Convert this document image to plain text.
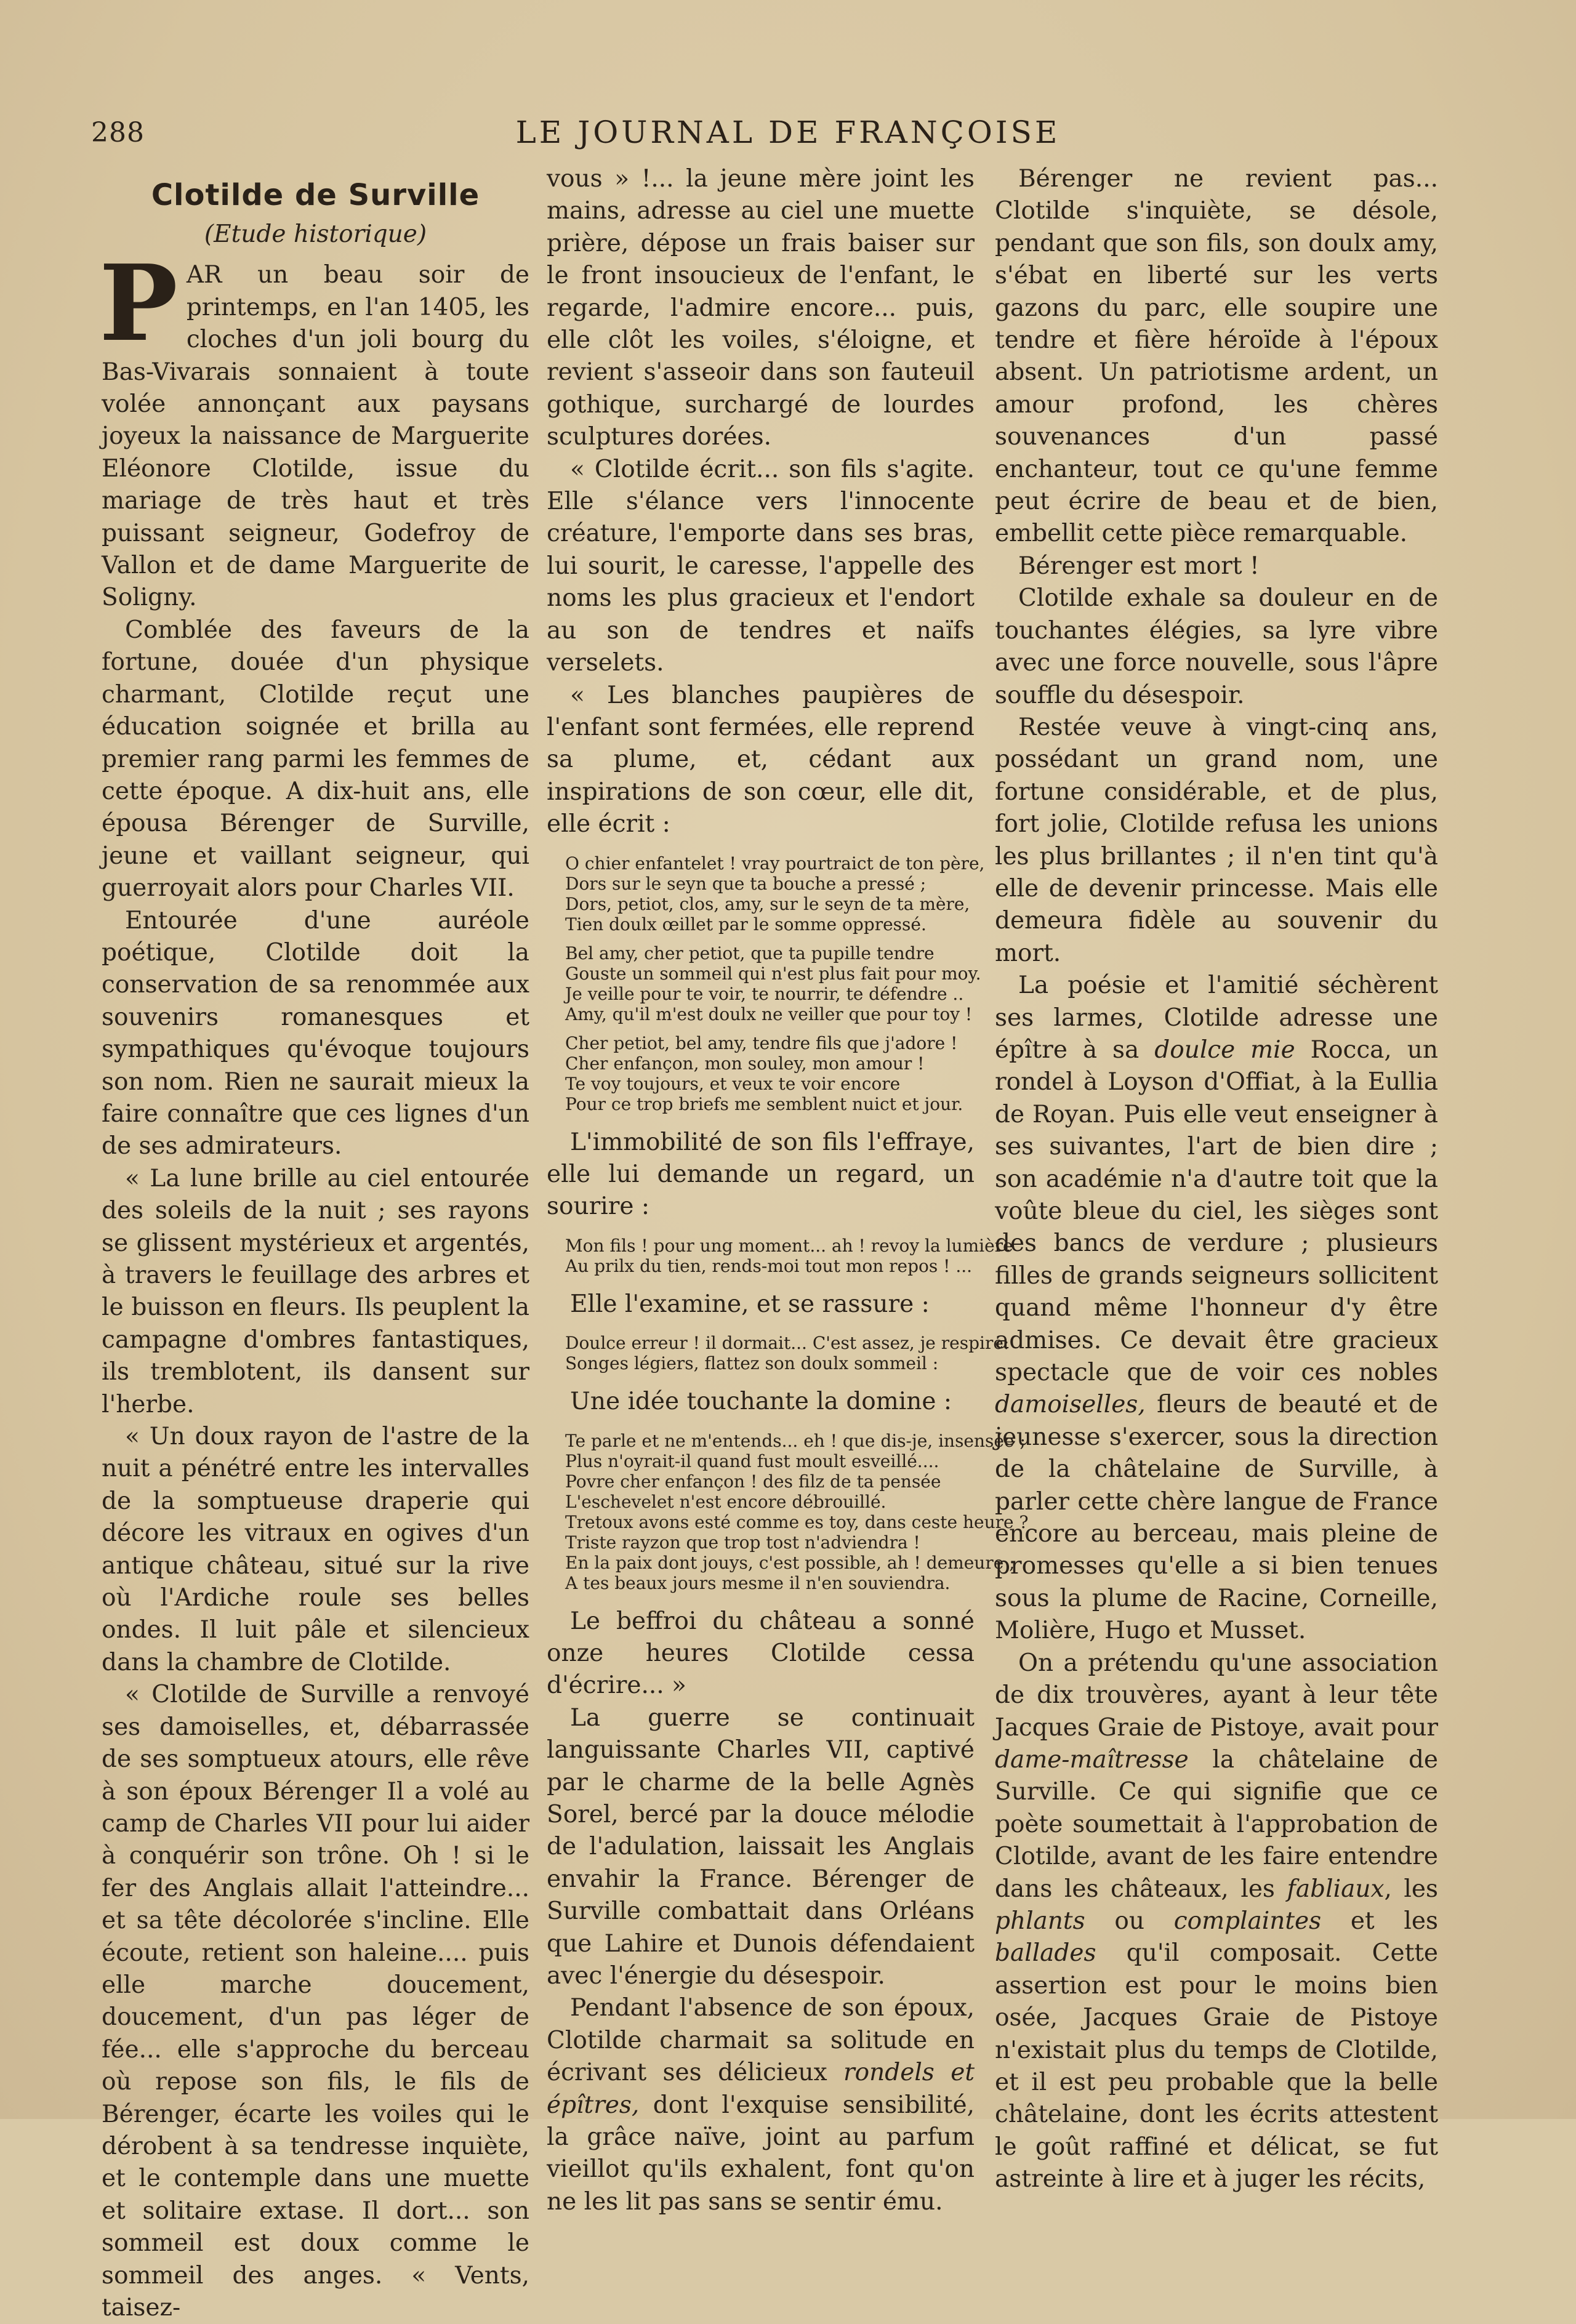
288	LE JOURNAL DE FRANÇOISE
Clotilde de Surville
(Etude historique)

PAR un beau soir de printemps, en l'an 1405, les cloches d'un joli bourg du Bas-Vivarais sonnaient à toute volée annonçant aux paysans joyeux la naissance de Marguerite Eléonore Clotilde, issue du mariage de très haut et très puissant seigneur, Godefroy de Vallon et de dame Marguerite de Soligny.

Comblée des faveurs de la fortune, douée d'un physique charmant, Clotilde reçut une éducation soignée et brilla au premier rang parmi les femmes de cette époque. A dix-huit ans, elle épousa Bérenger de Surville, jeune et vaillant seigneur, qui guerroyait alors pour Charles VII.

Entourée d'une auréole poétique, Clotilde doit la conservation de sa renommée aux souvenirs romanesques et sympathiques qu'évoque toujours son nom. Rien ne saurait mieux la faire connaître que ces lignes d'un de ses admirateurs.

« La lune brille au ciel entourée des soleils de la nuit ; ses rayons se glissent mystérieux et argentés, à travers le feuillage des arbres et le buisson en fleurs. Ils peuplent la campagne d'ombres fantastiques, ils tremblotent, ils dansent sur l'herbe.

« Un doux rayon de l'astre de la nuit a pénétré entre les intervalles de la somptueuse draperie qui décore les vitraux en ogives d'un antique château, situé sur la rive où l'Ardiche roule ses belles ondes. Il luit pâle et silencieux dans la chambre de Clotilde.

« Clotilde de Surville a renvoyé ses damoiselles, et, débarrassée de ses somptueux atours, elle rêve à son époux Bérenger Il a volé au camp de Charles VII pour lui aider à conquérir son trône. Oh ! si le fer des Anglais allait l'atteindre... et sa tête décolorée s'incline. Elle écoute, retient son haleine.... puis elle marche doucement, doucement, d'un pas léger de fée... elle s'approche du berceau où repose son fils, le fils de Bérenger, écarte les voiles qui le dérobent à sa tendresse inquiète, et le contemple dans une muette et solitaire extase. Il dort... son sommeil est doux comme le sommeil des anges. « Vents, taisez-

vous » !... la jeune mère joint les mains, adresse au ciel une muette prière, dépose un frais baiser sur le front insoucieux de l'enfant, le regarde, l'admire encore... puis, elle clôt les voiles, s'éloigne, et revient s'asseoir dans son fauteuil gothique, surchargé de lourdes sculptures dorées.

« Clotilde écrit... son fils s'agite. Elle s'élance vers l'innocente créature, l'emporte dans ses bras, lui sourit, le caresse, l'appelle des noms les plus gracieux et l'endort au son de tendres et naïfs verselets.

« Les blanches paupières de l'enfant sont fermées, elle reprend sa plume, et, cédant aux inspirations de son cœur, elle dit, elle écrit :

O chier enfantelet ! vray pourtraict de ton père,
Dors sur le seyn que ta bouche a pressé ;
Dors, petiot, clos, amy, sur le seyn de ta mère,
Tien doulx œillet par le somme oppressé.
Bel amy, cher petiot, que ta pupille tendre
Gouste un sommeil qui n'est plus fait pour moy.
Je veille pour te voir, te nourrir, te défendre ..
Amy, qu'il m'est doulx ne veiller que pour toy !
Cher petiot, bel amy, tendre fils que j'adore !
Cher enfançon, mon souley, mon amour !
Te voy toujours, et veux te voir encore
Pour ce trop briefs me semblent nuict et jour.

L'immobilité de son fils l'effraye, elle lui demande un regard, un sourire :

Mon fils ! pour ung moment... ah ! revoy la lumière
Au prilx du tien, rends-moi tout mon repos ! ...

Elle l'examine, et se rassure :

Doulce erreur ! il dormait... C'est assez, je respire:
Songes légiers, flattez son doulx sommeil :

Une idée touchante la domine :

Te parle et ne m'entends... eh ! que dis-je, insensée ;
Plus n'oyrait-il quand fust moult esveillé....
Povre cher enfançon ! des filz de ta pensée
L'eschevelet n'est encore débrouillé.
Tretoux avons esté comme es toy, dans ceste heure ?
Triste rayzon que trop tost n'adviendra !
En la paix dont jouys, c'est possible, ah ! demeure ;
A tes beaux jours mesme il n'en souviendra.

Le beffroi du château a sonné onze heures Clotilde cessa d'écrire... »

La guerre se continuait languissante Charles VII, captivé par le charme de la belle Agnès Sorel, bercé par la douce mélodie de l'adulation, laissait les Anglais envahir la France. Bérenger de Surville combattait dans Orléans que Lahire et Dunois défendaient avec l'énergie du désespoir.

Pendant l'absence de son époux, Clotilde charmait sa solitude en écrivant ses délicieux rondels et épîtres, dont l'exquise sensibilité, la grâce naïve, joint au parfum vieillot qu'ils exhalent, font qu'on ne les lit pas sans se sentir ému.

Bérenger ne revient pas... Clotilde s'inquiète, se désole, pendant que son fils, son doulx amy, s'ébat en liberté sur les verts gazons du parc, elle soupire une tendre et fière héroïde à l'époux absent. Un patriotisme ardent, un amour profond, les chères souvenances d'un passé enchanteur, tout ce qu'une femme peut écrire de beau et de bien, embellit cette pièce remarquable.

Bérenger est mort !

Clotilde exhale sa douleur en de touchantes élégies, sa lyre vibre avec une force nouvelle, sous l'âpre souffle du désespoir.

Restée veuve à vingt-cinq ans, possédant un grand nom, une fortune considérable, et de plus, fort jolie, Clotilde refusa les unions les plus brillantes ; il n'en tint qu'à elle de devenir princesse. Mais elle demeura fidèle au souvenir du mort.

La poésie et l'amitié séchèrent ses larmes, Clotilde adresse une épître à sa doulce mie Rocca, un rondel à Loyson d'Offiat, à la Eullia de Royan. Puis elle veut enseigner à ses suivantes, l'art de bien dire ; son académie n'a d'autre toit que la voûte bleue du ciel, les sièges sont des bancs de verdure ; plusieurs filles de grands seigneurs sollicitent quand même l'honneur d'y être admises. Ce devait être gracieux spectacle que de voir ces nobles damoiselles, fleurs de beauté et de jeunesse s'exercer, sous la direction de la châtelaine de Surville, à parler cette chère langue de France encore au berceau, mais pleine de promesses qu'elle a si bien tenues sous la plume de Racine, Corneille, Molière, Hugo et Musset.

On a prétendu qu'une association de dix trouvères, ayant à leur tête Jacques Graie de Pistoye, avait pour dame-maîtresse la châtelaine de Surville. Ce qui signifie que ce poète soumettait à l'approbation de Clotilde, avant de les faire entendre dans les châteaux, les fabliaux, les phlants ou complaintes et les ballades qu'il composait. Cette assertion est pour le moins bien osée, Jacques Graie de Pistoye n'existait plus du temps de Clotilde, et il est peu probable que la belle châtelaine, dont les écrits attestent le goût raffiné et délicat, se fut astreinte à lire et à juger les récits,
